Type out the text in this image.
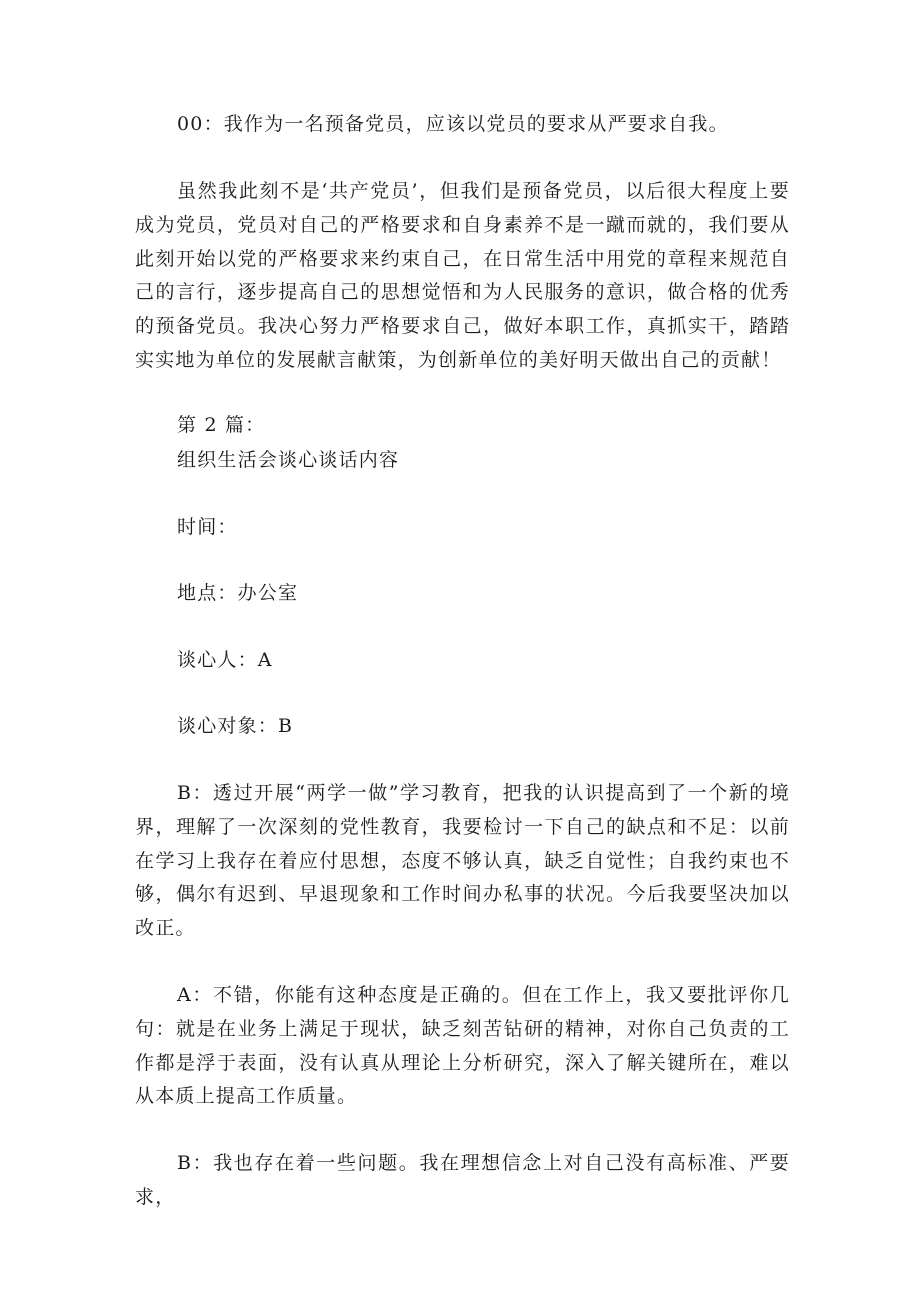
00：我作为一名预备党员，应该以党员的要求从严要求自我。

虽然我此刻不是‘共产党员’，但我们是预备党员，以后很大程度上要成为党员，党员对自己的严格要求和自身素养不是一蹴而就的，我们要从此刻开始以党的严格要求来约束自己，在日常生活中用党的章程来规范自己的言行，逐步提高自己的思想觉悟和为人民服务的意识，做合格的优秀的预备党员。我决心努力严格要求自己，做好本职工作，真抓实干，踏踏实实地为单位的发展献言献策，为创新单位的美好明天做出自己的贡献！

第 2 篇：

组织生活会谈心谈话内容

时间：

地点：办公室

谈心人：A

谈心对象：B

B：透过开展“两学一做”学习教育，把我的认识提高到了一个新的境界，理解了一次深刻的党性教育，我要检讨一下自己的缺点和不足：以前在学习上我存在着应付思想，态度不够认真，缺乏自觉性；自我约束也不够，偶尔有迟到、早退现象和工作时间办私事的状况。今后我要坚决加以改正。

A：不错，你能有这种态度是正确的。但在工作上，我又要批评你几句：就是在业务上满足于现状，缺乏刻苦钻研的精神，对你自己负责的工作都是浮于表面，没有认真从理论上分析研究，深入了解关键所在，难以从本质上提高工作质量。

B：我也存在着一些问题。我在理想信念上对自己没有高标准、严要求，
